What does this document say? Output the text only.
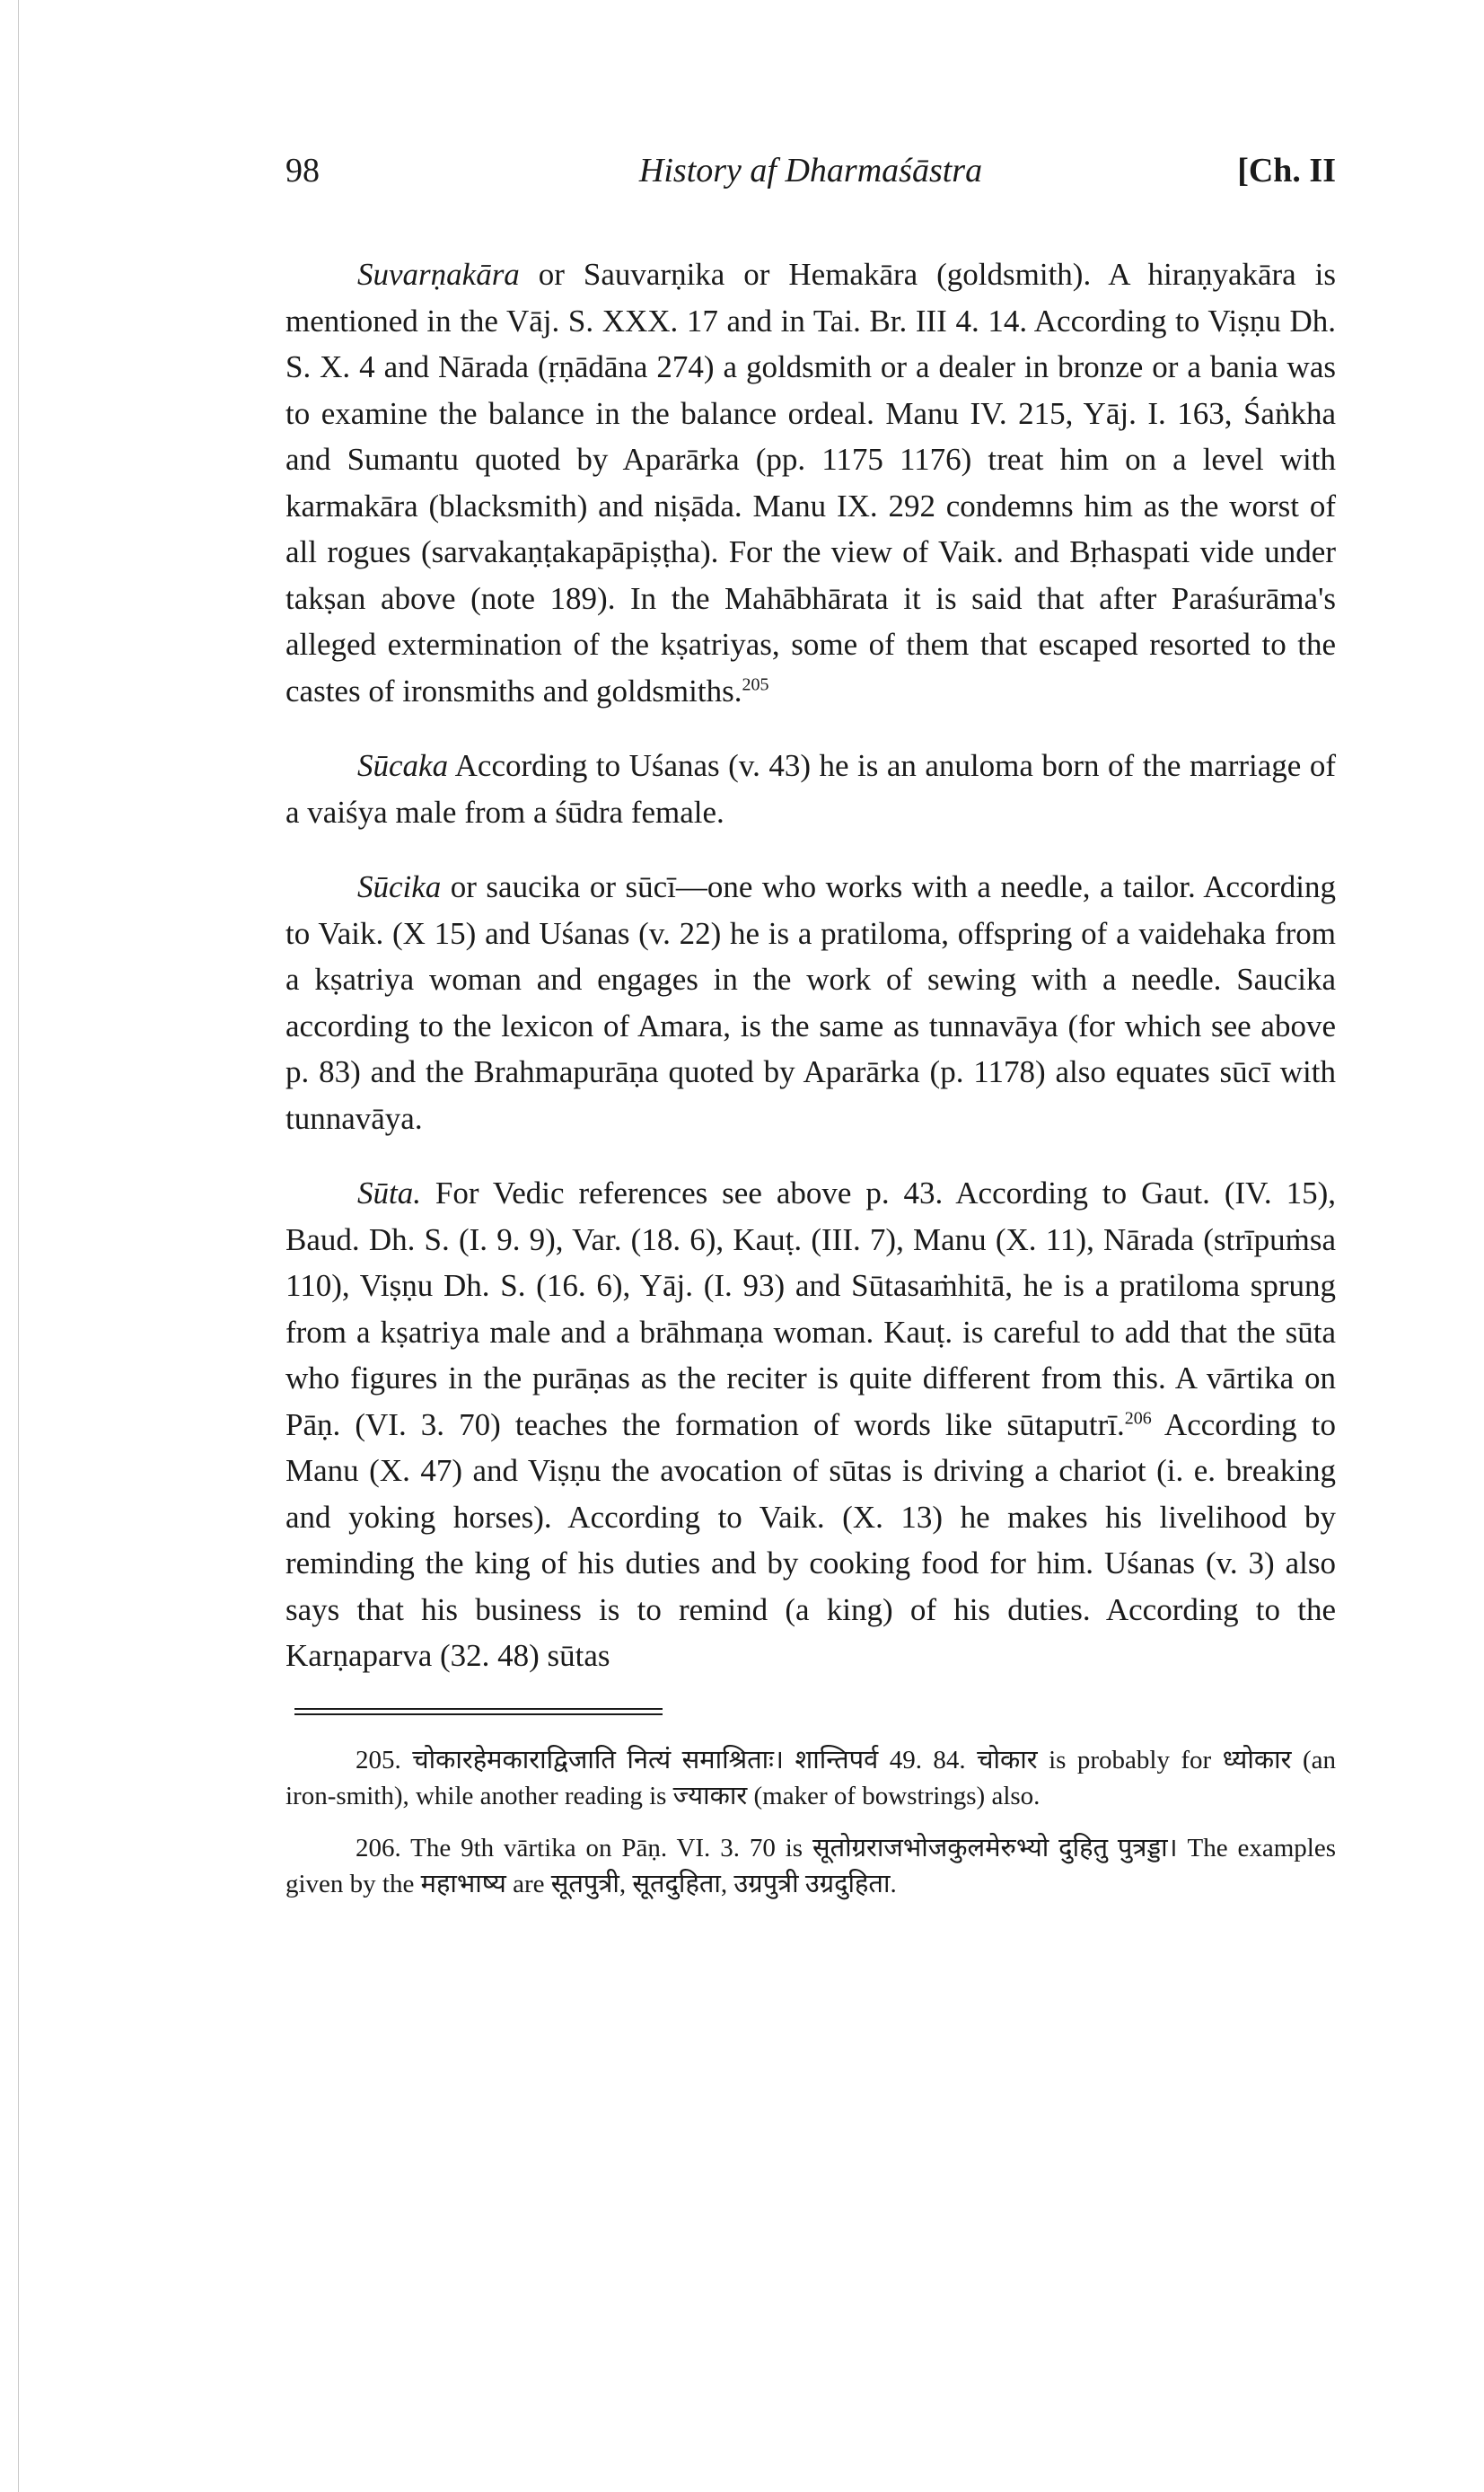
98	History af Dharmaśāstra	[Ch. II

Suvarṇakāra or Sauvarṇika or Hemakāra (goldsmith). A hiraṇyakāra is mentioned in the Vāj. S. XXX. 17 and in Tai. Br. III 4. 14. According to Viṣṇu Dh. S. X. 4 and Nārada (ṛṇādāna 274) a goldsmith or a dealer in bronze or a bania was to examine the balance in the balance ordeal. Manu IV. 215, Yāj. I. 163, Śaṅkha and Sumantu quoted by Aparārka (pp. 1175 1176) treat him on a level with karmakāra (blacksmith) and niṣāda. Manu IX. 292 condemns him as the worst of all rogues (sarvakaṇṭakapāpiṣṭha). For the view of Vaik. and Bṛhaspati vide under takṣan above (note 189). In the Mahābhārata it is said that after Paraśurāma's alleged extermination of the kṣatriyas, some of them that escaped resorted to the castes of ironsmiths and goldsmiths.$^{205}$

Sūcaka According to Uśanas (v. 43) he is an anuloma born of the marriage of a vaiśya male from a śūdra female.

Sūcika or saucika or sūcī—one who works with a needle, a tailor. According to Vaik. (X 15) and Uśanas (v. 22) he is a pratiloma, offspring of a vaidehaka from a kṣatriya woman and engages in the work of sewing with a needle. Saucika according to the lexicon of Amara, is the same as tunnavāya (for which see above p. 83) and the Brahmapurāṇa quoted by Aparārka (p. 1178) also equates sūcī with tunnavāya.

Sūta. For Vedic references see above p. 43. According to Gaut. (IV. 15), Baud. Dh. S. (I. 9. 9), Var. (18. 6), Kauṭ. (III. 7), Manu (X. 11), Nārada (strīpuṁsa 110), Viṣṇu Dh. S. (16. 6), Yāj. (I. 93) and Sūtasaṁhitā, he is a pratiloma sprung from a kṣatriya male and a brāhmaṇa woman. Kauṭ. is careful to add that the sūta who figures in the purāṇas as the reciter is quite different from this. A vārtika on Pāṇ. (VI. 3. 70) teaches the formation of words like sūtaputrī.$^{206}$ According to Manu (X. 47) and Viṣṇu the avocation of sūtas is driving a chariot (i. e. breaking and yoking horses). According to Vaik. (X. 13) he makes his livelihood by reminding the king of his duties and by cooking food for him. Uśanas (v. 3) also says that his business is to remind (a king) of his duties. According to the Karṇaparva (32. 48) sūtas

205. चोकारहेमकाराद्विजाति नित्यं समाश्रिताः। शान्तिपर्व 49. 84. चोकार is probably for ध्योकार (an iron-smith), while another reading is ज्याकार (maker of bowstrings) also.

206. The 9th vārtika on Pāṇ. VI. 3. 70 is सूतोग्रराजभोजकुलमेरुभ्यो दुहितु पुत्रड्डा। The examples given by the महाभाष्य are सूतपुत्री, सूतदुहिता, उग्रपुत्री उग्रदुहिता.
